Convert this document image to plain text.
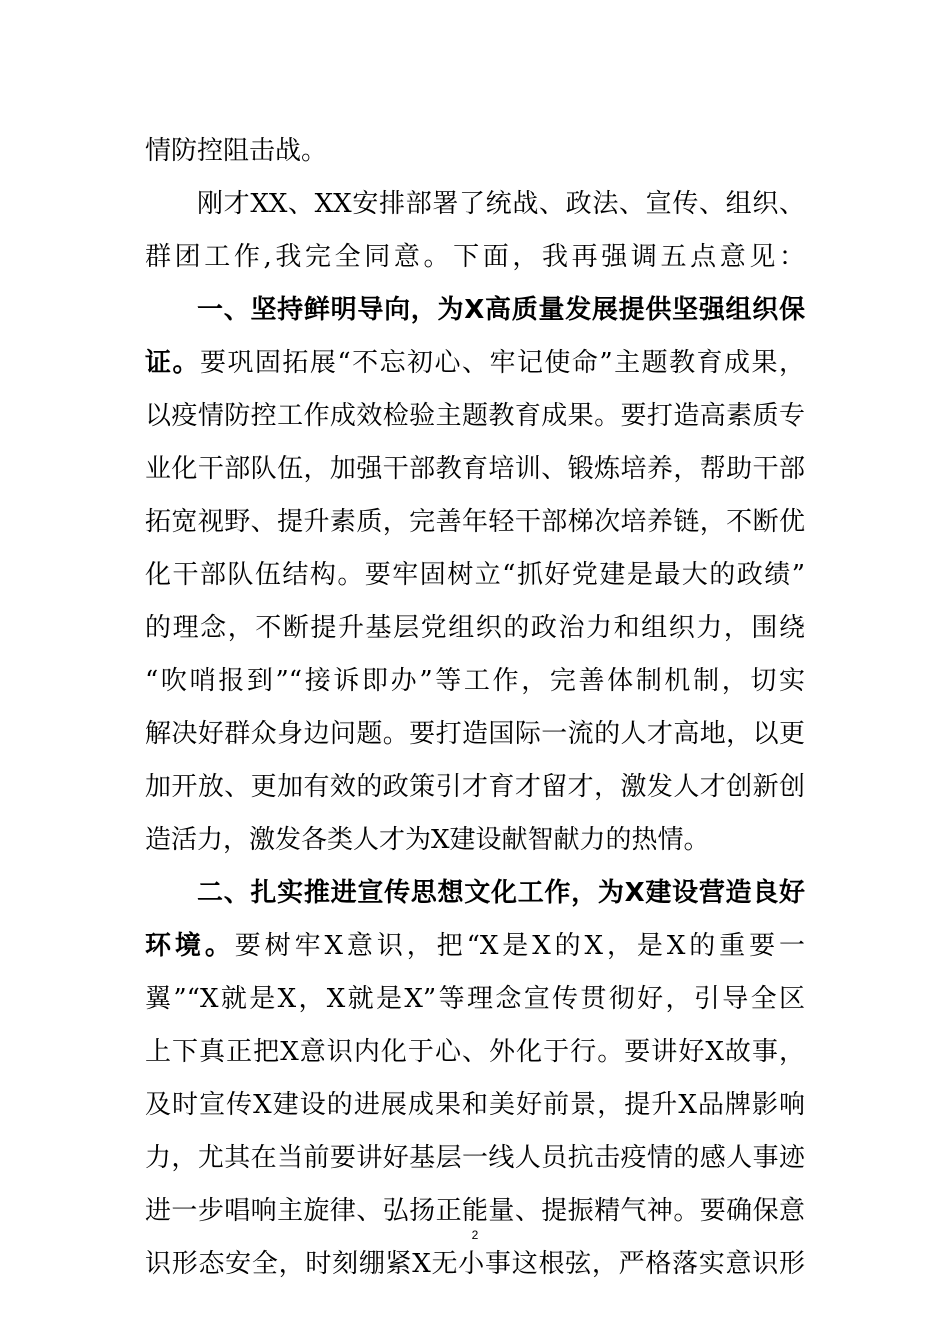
情防控阻击战。
刚才XX、XX安排部署了统战、政法、宣传、组织、
群团工作,我完全同意。下面，我再强调五点意见：
一、坚持鲜明导向，为X高质量发展提供坚强组织保
证。要巩固拓展“不忘初心、牢记使命”主题教育成果，
以疫情防控工作成效检验主题教育成果。要打造高素质专
业化干部队伍，加强干部教育培训、锻炼培养，帮助干部
拓宽视野、提升素质，完善年轻干部梯次培养链，不断优
化干部队伍结构。要牢固树立“抓好党建是最大的政绩”
的理念，不断提升基层党组织的政治力和组织力，围绕
“吹哨报到”“接诉即办”等工作，完善体制机制，切实
解决好群众身边问题。要打造国际一流的人才高地，以更
加开放、更加有效的政策引才育才留才，激发人才创新创
造活力，激发各类人才为X建设献智献力的热情。
二、扎实推进宣传思想文化工作，为X建设营造良好
环境。要树牢X意识，把“X是X的X，是X的重要一
翼”“X就是X，X就是X”等理念宣传贯彻好，引导全区
上下真正把X意识内化于心、外化于行。要讲好X故事，
及时宣传X建设的进展成果和美好前景，提升X品牌影响
力，尤其在当前要讲好基层一线人员抗击疫情的感人事迹
进一步唱响主旋律、弘扬正能量、提振精气神。要确保意
识形态安全，时刻绷紧X无小事这根弦，严格落实意识形
2
